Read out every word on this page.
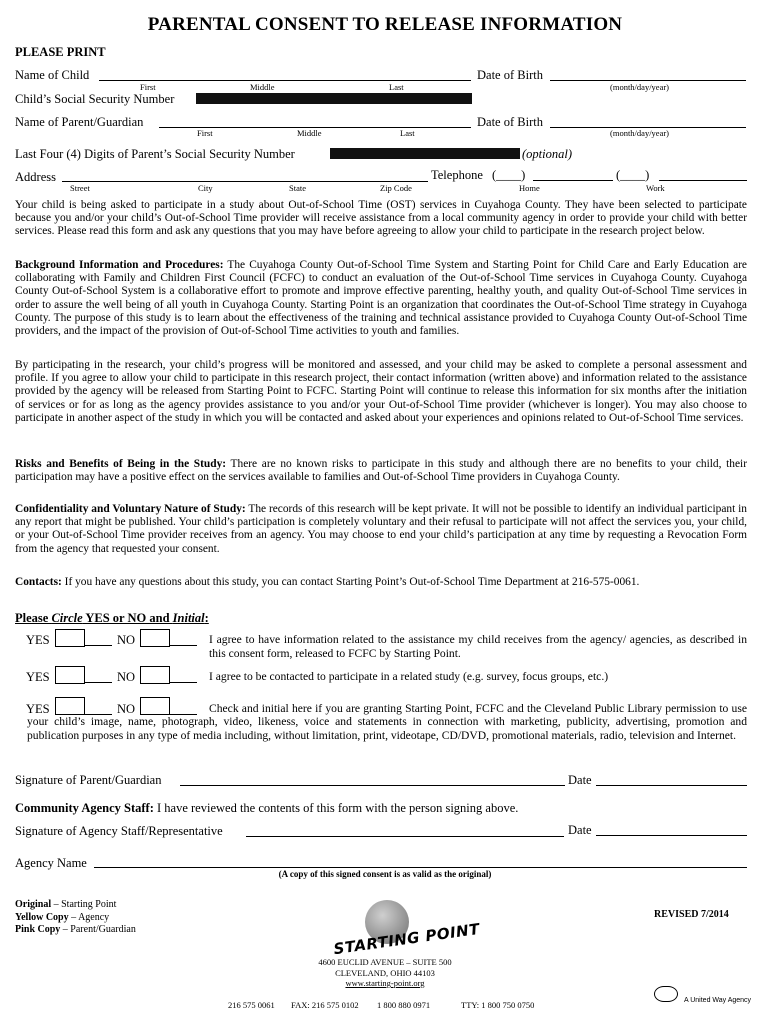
PARENTAL CONSENT TO RELEASE INFORMATION
PLEASE PRINT
Name of Child
First	Middle	Last
Date of Birth
(month/day/year)
Child’s Social Security Number
Name of Parent/Guardian
First	Middle	Last
Date of Birth
(month/day/year)
Last Four (4) Digits of Parent’s Social Security Number	(optional)
Address
Street	City	State	Zip Code
Telephone (____)	(____)
Home	Work
Your child is being asked to participate in a study about Out-of-School Time (OST) services in Cuyahoga County. They have been selected to participate because you and/or your child’s Out-of-School Time provider will receive assistance from a local community agency in order to provide your child with better services. Please read this form and ask any questions that you may have before agreeing to allow your child to participate in the research project below.
Background Information and Procedures: The Cuyahoga County Out-of-School Time System and Starting Point for Child Care and Early Education are collaborating with Family and Children First Council (FCFC) to conduct an evaluation of the Out-of-School Time services in Cuyahoga County. Cuyahoga County Out-of-School System is a collaborative effort to promote and improve effective parenting, healthy youth, and quality Out-of-School Time services in order to assure the well being of all youth in Cuyahoga County. Starting Point is an organization that coordinates the Out-of-School Time strategy in Cuyahoga County. The purpose of this study is to learn about the effectiveness of the training and technical assistance provided to Cuyahoga County Out-of-School Time providers, and the impact of the provision of Out-of-School Time activities to youth and families.
By participating in the research, your child’s progress will be monitored and assessed, and your child may be asked to complete a personal assessment and profile. If you agree to allow your child to participate in this research project, their contact information (written above) and information related to the assistance provided by the agency will be released from Starting Point to FCFC. Starting Point will continue to release this information for six months after the initiation of services or for as long as the agency provides assistance to you and/or your Out-of-School Time provider (whichever is longer). You may also choose to participate in another aspect of the study in which you will be contacted and asked about your experiences and opinions related to Out-of-School Time services.
Risks and Benefits of Being in the Study: There are no known risks to participate in this study and although there are no benefits to your child, their participation may have a positive effect on the services available to families and Out-of-School Time providers in Cuyahoga County.
Confidentiality and Voluntary Nature of Study: The records of this research will be kept private. It will not be possible to identify an individual participant in any report that might be published. Your child’s participation is completely voluntary and their refusal to participate will not affect the services you, your child, or your Out-of-School Time provider receives from an agency. You may choose to end your child’s participation at any time by requesting a Revocation Form from the agency that requested your consent.
Contacts: If you have any questions about this study, you can contact Starting Point’s Out-of-School Time Department at 216-575-0061.
Please Circle YES or NO and Initial:
YES	NO	I agree to have information related to the assistance my child receives from the agency/ agencies, as described in this consent form, released to FCFC by Starting Point.
YES	NO	I agree to be contacted to participate in a related study (e.g. survey, focus groups, etc.)
YES	NO	Check and initial here if you are granting Starting Point, FCFC and the Cleveland Public Library permission to use your child’s image, name, photograph, video, likeness, voice and statements in connection with marketing, publicity, advertising, promotion and publication purposes in any type of media including, without limitation, print, videotape, CD/DVD, promotional materials, radio, television and Internet.
Signature of Parent/Guardian	Date
Community Agency Staff: I have reviewed the contents of this form with the person signing above.
Signature of Agency Staff/Representative	Date
Agency Name
(A copy of this signed consent is as valid as the original)
Original – Starting Point
Yellow Copy – Agency
Pink Copy – Parent/Guardian
REVISED 7/2014
STARTING POINT
4600 EUCLID AVENUE – SUITE 500
CLEVELAND, OHIO 44103
www.starting-point.org
216 575 0061 FAX: 216 575 0102 1 800 880 0971	TTY: 1 800 750 0750	A United Way Agency
